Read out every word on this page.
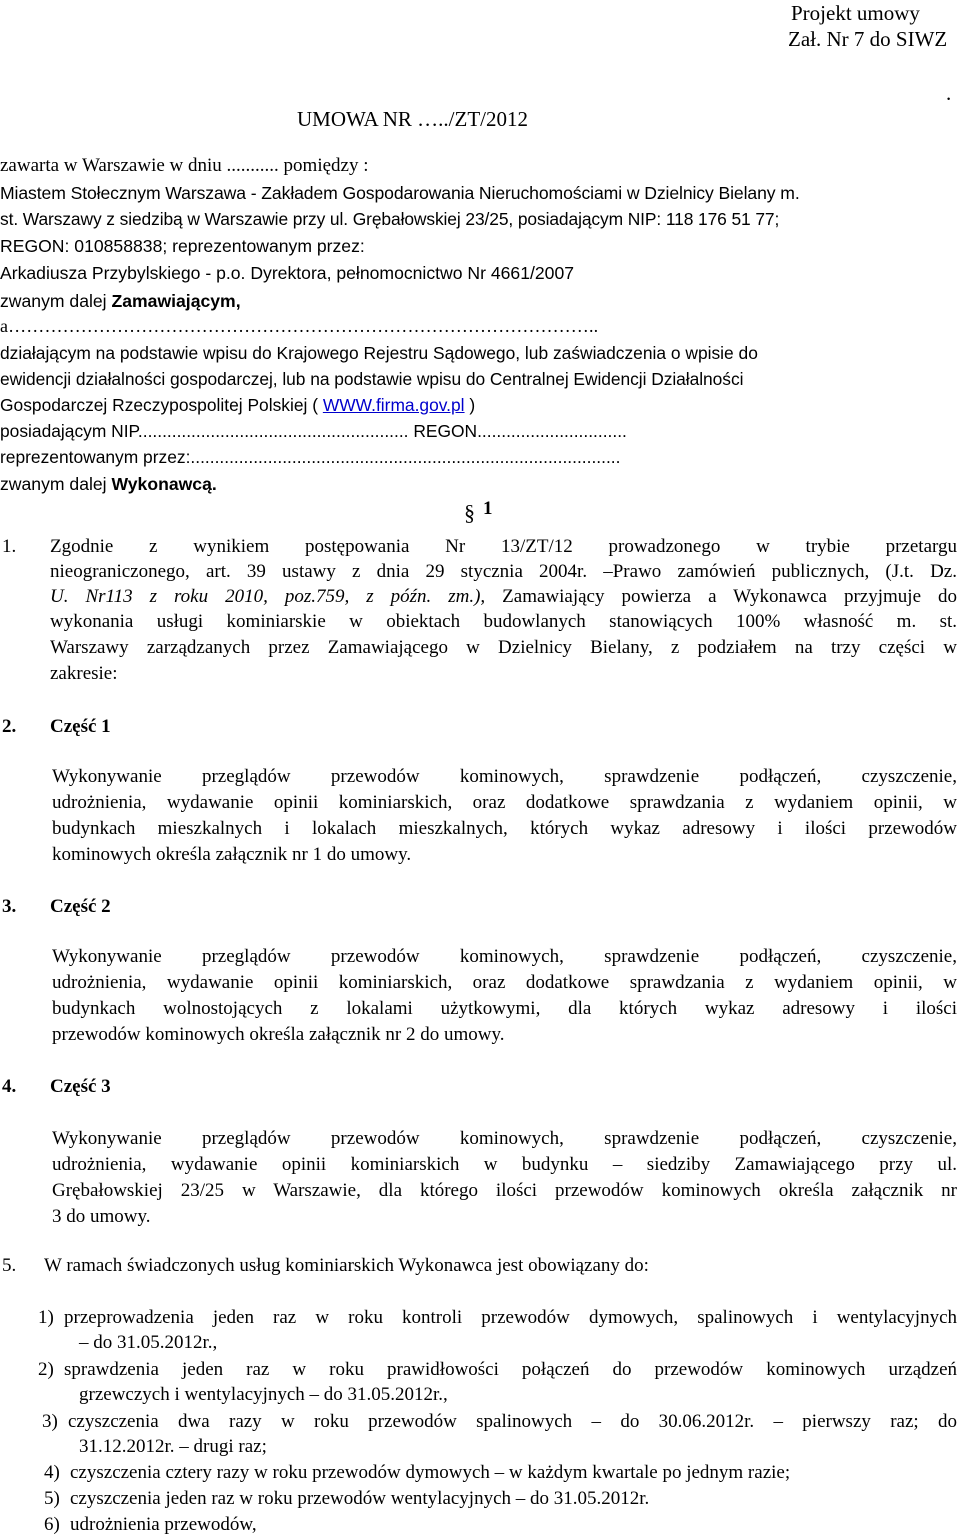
Projekt umowy
Zał. Nr 7 do SIWZ
.
UMOWA NR …../ZT/2012
zawarta w Warszawie w dniu ........... pomiędzy :
Miastem Stołecznym Warszawa - Zakładem Gospodarowania Nieruchomościami w Dzielnicy Bielany m.
st. Warszawy z siedzibą w Warszawie przy ul. Grębałowskiej 23/25, posiadającym NIP: 118 176 51 77;
REGON: 010858838; reprezentowanym przez:
Arkadiusza Przybylskiego - p.o. Dyrektora, pełnomocnictwo Nr 4661/2007
zwanym dalej Zamawiającym,
a……………………………………………………………………………………..
działającym na podstawie wpisu do Krajowego Rejestru Sądowego, lub zaświadczenia o wpisie do
ewidencji działalności gospodarczej, lub na podstawie wpisu do Centralnej Ewidencji Działalności
Gospodarczej Rzeczypospolitej Polskiej ( WWW.firma.gov.pl )
posiadającym NIP........................................................ REGON...............................
reprezentowanym przez:.........................................................................................
zwanym dalej Wykonawcą.
§ 1
1. Zgodnie z wynikiem postępowania Nr 13/ZT/12 prowadzonego w trybie przetargu
nieograniczonego, art. 39 ustawy z dnia 29 stycznia 2004r. –Prawo zamówień publicznych, (J.t. Dz.
U. Nr113 z roku 2010, poz.759, z późn. zm.), Zamawiający powierza a Wykonawca przyjmuje do
wykonania usługi kominiarskie w obiektach budowlanych stanowiących 100% własność m. st.
Warszawy zarządzanych przez Zamawiającego w Dzielnicy Bielany, z podziałem na trzy części w
zakresie:
2. Część 1
Wykonywanie przeglądów przewodów kominowych, sprawdzenie podłączeń, czyszczenie,
udrożnienia, wydawanie opinii kominiarskich, oraz dodatkowe sprawdzania z wydaniem opinii, w
budynkach mieszkalnych i lokalach mieszkalnych, których wykaz adresowy i ilości przewodów
kominowych określa załącznik nr 1 do umowy.
3. Część 2
Wykonywanie przeglądów przewodów kominowych, sprawdzenie podłączeń, czyszczenie,
udrożnienia, wydawanie opinii kominiarskich, oraz dodatkowe sprawdzania z wydaniem opinii, w
budynkach wolnostojących z lokalami użytkowymi, dla których wykaz adresowy i ilości
przewodów kominowych określa załącznik nr 2 do umowy.
4. Część 3
Wykonywanie przeglądów przewodów kominowych, sprawdzenie podłączeń, czyszczenie,
udrożnienia, wydawanie opinii kominiarskich w budynku – siedziby Zamawiającego przy ul.
Grębałowskiej 23/25 w Warszawie, dla którego ilości przewodów kominowych określa załącznik nr
3 do umowy.
5. W ramach świadczonych usług kominiarskich Wykonawca jest obowiązany do:
1) przeprowadzenia jeden raz w roku kontroli przewodów dymowych, spalinowych i wentylacyjnych
– do 31.05.2012r.,
2) sprawdzenia jeden raz w roku prawidłowości połączeń do przewodów kominowych urządzeń
grzewczych i wentylacyjnych – do 31.05.2012r.,
3) czyszczenia dwa razy w roku przewodów spalinowych – do 30.06.2012r. – pierwszy raz; do
31.12.2012r. – drugi raz;
4) czyszczenia cztery razy w roku przewodów dymowych – w każdym kwartale po jednym razie;
5) czyszczenia jeden raz w roku przewodów wentylacyjnych – do 31.05.2012r.
6) udrożnienia przewodów,
